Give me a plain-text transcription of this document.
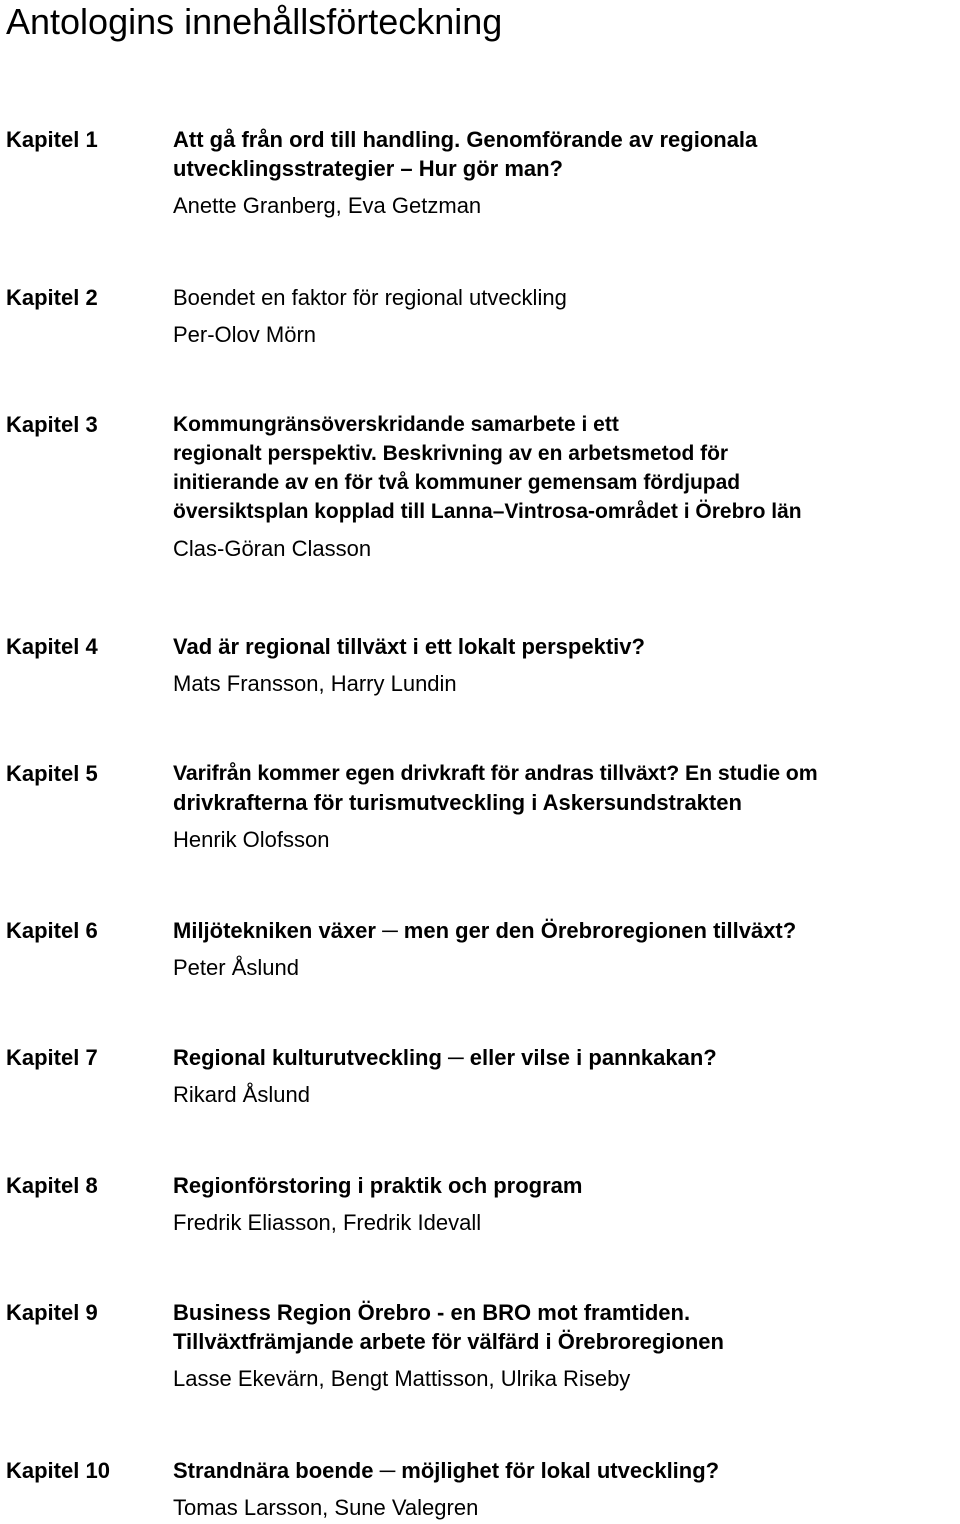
Antologins innehållsförteckning
Kapitel 1	Att gå från ord till handling. Genomförande av regionala
utvecklingsstrategier – Hur gör man?
Anette Granberg, Eva Getzman
Kapitel 2	Boendet en faktor för regional utveckling
Per-Olov Mörn
Kapitel 3	Kommungränsöverskridande samarbete i ett
regionalt perspektiv. Beskrivning av en arbetsmetod för
initierande av en för två kommuner gemensam fördjupad
översiktsplan kopplad till Lanna–Vintrosa-området i Örebro län
Clas-Göran Classon
Kapitel 4	Vad är regional tillväxt i ett lokalt perspektiv?
Mats Fransson, Harry Lundin
Kapitel 5	Varifrån kommer egen drivkraft för andras tillväxt? En studie om
drivkrafterna för turismutveckling i Askersundstrakten
Henrik Olofsson
Kapitel 6	Miljötekniken växer ─ men ger den Örebroregionen tillväxt?
Peter Åslund
Kapitel 7	Regional kulturutveckling ─ eller vilse i pannkakan?
Rikard Åslund
Kapitel 8	Regionförstoring i praktik och program
Fredrik Eliasson, Fredrik Idevall
Kapitel 9	Business Region Örebro - en BRO mot framtiden.
Tillväxtfrämjande arbete för välfärd i Örebroregionen
Lasse Ekevärn, Bengt Mattisson, Ulrika Riseby
Kapitel 10	Strandnära boende ─ möjlighet för lokal utveckling?
Tomas Larsson, Sune Valegren
